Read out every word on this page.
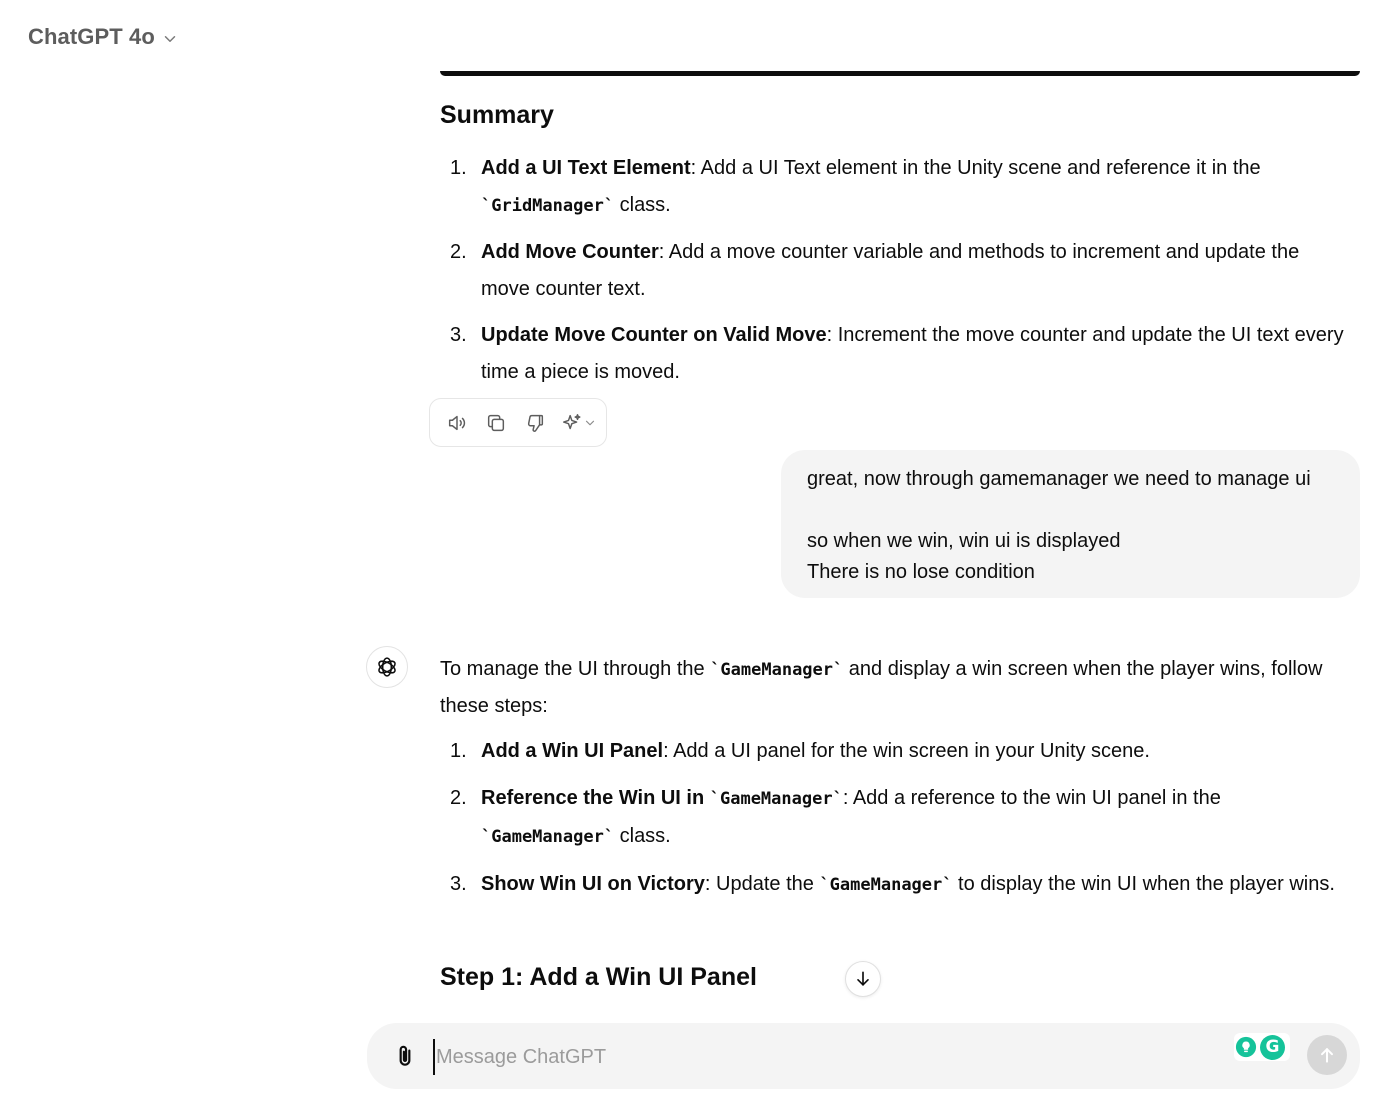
ChatGPT 4o
Summary
1. Add a UI Text Element: Add a UI Text element in the Unity scene and reference it in the `GridManager` class.
2. Add Move Counter: Add a move counter variable and methods to increment and update the move counter text.
3. Update Move Counter on Valid Move: Increment the move counter and update the UI text every time a piece is moved.

great, now through gamemanager we need to manage ui

so when we win, win ui is displayed

There is no lose condition

To manage the UI through the `GameManager` and display a win screen when the player wins, follow these steps:

1. Add a Win UI Panel: Add a UI panel for the win screen in your Unity scene.
2. Reference the Win UI in `GameManager`: Add a reference to the win UI panel in the `GameManager` class.
3. Show Win UI on Victory: Update the `GameManager` to display the win UI when the player wins.
Step 1: Add a Win UI Panel
Message ChatGPT
G
